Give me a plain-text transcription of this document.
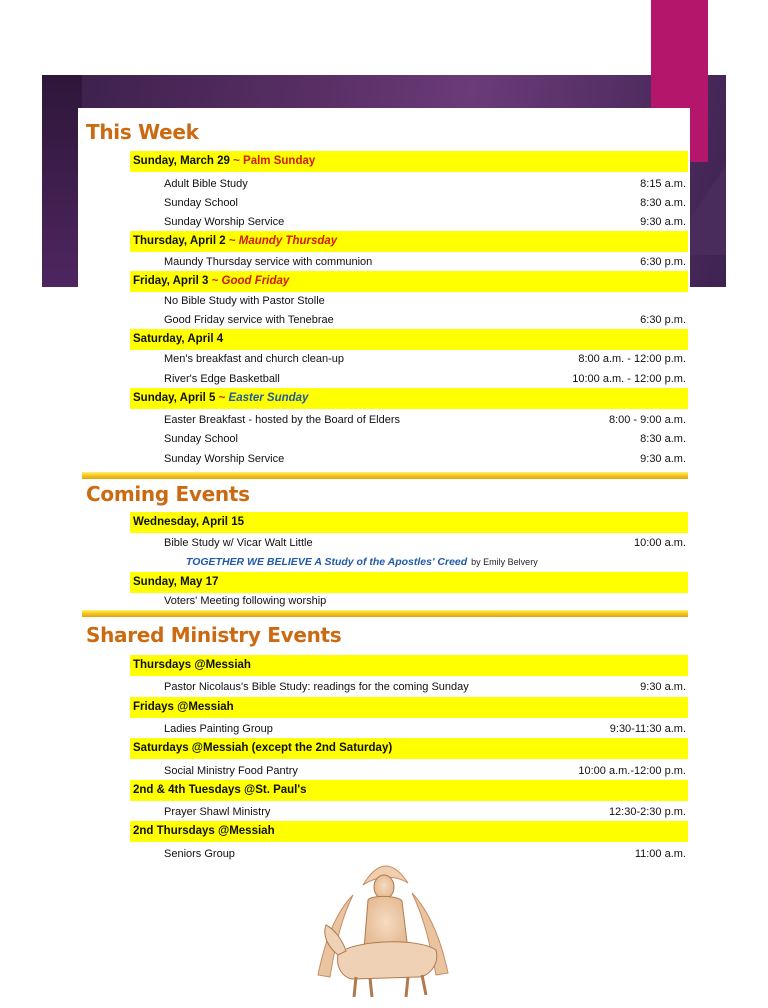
This Week
Sunday, March 29 ~ Palm Sunday
Adult Bible Study	8:15 a.m.
Sunday School	8:30 a.m.
Sunday Worship Service	9:30 a.m.
Thursday, April 2 ~ Maundy Thursday
Maundy Thursday service with communion	6:30 p.m.
Friday, April 3 ~ Good Friday
No Bible Study with Pastor Stolle
Good Friday service with Tenebrae	6:30 p.m.
Saturday, April 4
Men's breakfast and church clean-up	8:00 a.m. - 12:00 p.m.
River's Edge Basketball	10:00 a.m. - 12:00 p.m.
Sunday, April 5 ~ Easter Sunday
Easter Breakfast - hosted by the Board of Elders	8:00 - 9:00 a.m.
Sunday School	8:30 a.m.
Sunday Worship Service	9:30 a.m.
Coming Events
Wednesday, April 15
Bible Study w/ Vicar Walt Little	10:00 a.m.
TOGETHER WE BELIEVE A Study of the Apostles' Creed by Emily Belvery
Sunday, May 17
Voters' Meeting following worship
Shared Ministry Events
Thursdays @Messiah
Pastor Nicolaus's Bible Study: readings for the coming Sunday	9:30 a.m.
Fridays @Messiah
Ladies Painting Group	9:30-11:30 a.m.
Saturdays @Messiah (except the 2nd Saturday)
Social Ministry Food Pantry	10:00 a.m.-12:00 p.m.
2nd & 4th Tuesdays @St. Paul's
Prayer Shawl Ministry	12:30-2:30 p.m.
2nd Thursdays @Messiah
Seniors Group	11:00 a.m.
